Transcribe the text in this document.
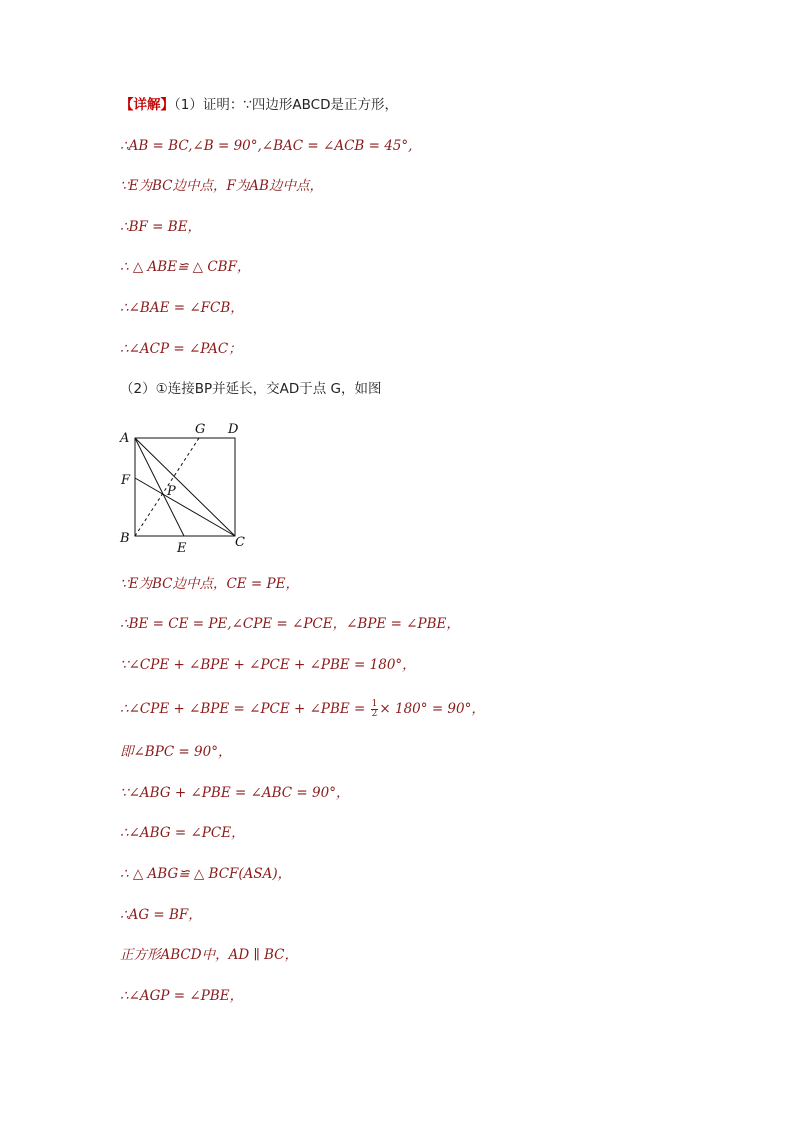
【详解】（1）证明：∵四边形ABCD是正方形，
∴AB = BC,∠B = 90°,∠BAC = ∠ACB = 45°,
∵E为BC边中点，F为AB边中点，
∴BF = BE，
∴ △ ABE≌ △ CBF，
∴∠BAE = ∠FCB，
∴∠ACP = ∠PAC；
（2）①连接BP并延长，交AD于点 G，如图
A
G D
F
P
B
E	C
∵E为BC边中点，CE = PE，
∴BE = CE = PE,∠CPE = ∠PCE，∠BPE = ∠PBE，
∵∠CPE + ∠BPE + ∠PCE + ∠PBE = 180°，
∴∠CPE + ∠BPE = ∠PCE + ∠PBE = $\frac{1}{2} \times 180^\circ = 90^\circ$，
即∠BPC = 90°，
∵∠ABG + ∠PBE = ∠ABC = 90°，
∴∠ABG = ∠PCE，
∴ △ ABG≌ △ BCF(ASA)，
∴AG = BF，
正方形ABCD中，AD ∥ BC，
∴∠AGP = ∠PBE，
